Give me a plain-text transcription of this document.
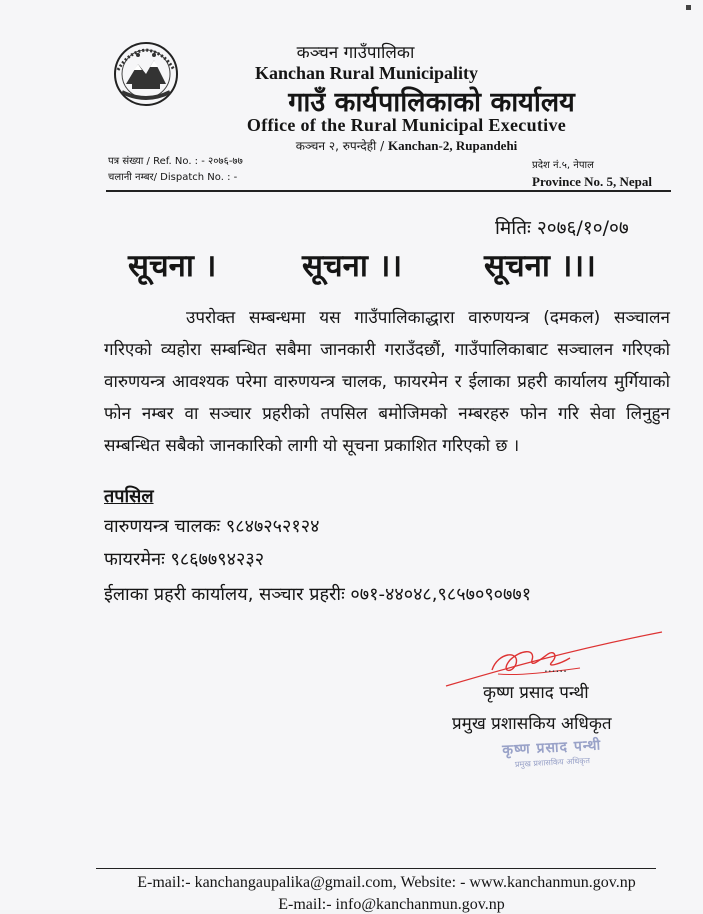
कञ्चन गाउँपालिका
Kanchan Rural Municipality
गाउँ कार्यपालिकाको कार्यालय
Office of the Rural Municipal Executive
कञ्चन २, रुपन्देही / Kanchan-2, Rupandehi
पत्र संख्या / Ref. No. : - २०७६-७७
चलानी नम्बर/ Dispatch No. : -
प्रदेश नं.५, नेपाल
Province No. 5, Nepal
मितिः २०७६/१०/०७
सूचना ।	सूचना ।।	सूचना ।।।
उपरोक्त सम्बन्धमा यस गाउँपालिकाद्धारा वारुणयन्त्र (दमकल) सञ्चालन गरिएको व्यहोरा सम्बन्धित सबैमा जानकारी गराउँदछौं, गाउँपालिकाबाट सञ्चालन गरिएको वारुणयन्त्र आवश्यक परेमा वारुणयन्त्र चालक, फायरमेन र ईलाका प्रहरी कार्यालय मुर्गियाको फोन नम्बर वा सञ्चार प्रहरीको तपसिल बमोजिमको नम्बरहरु फोन गरि सेवा लिनुहुन सम्बन्धित सबैको जानकारिको लागी यो सूचना प्रकाशित गरिएको छ ।
तपसिल
वारुणयन्त्र चालकः ९८४७२५२१२४
फायरमेनः ९८६७७९४२३२
ईलाका प्रहरी कार्यालय, सञ्चार प्रहरीः ०७१-४४०४८,९८५७०९०७७१
......
कृष्ण प्रसाद पन्थी
प्रमुख प्रशासकिय अधिकृत
कृष्ण प्रसाद पन्थी
प्रमुख प्रशासकिय अधिकृत
E-mail:- kanchangaupalika@gmail.com, Website: - www.kanchanmun.gov.np
E-mail:- info@kanchanmun.gov.np
